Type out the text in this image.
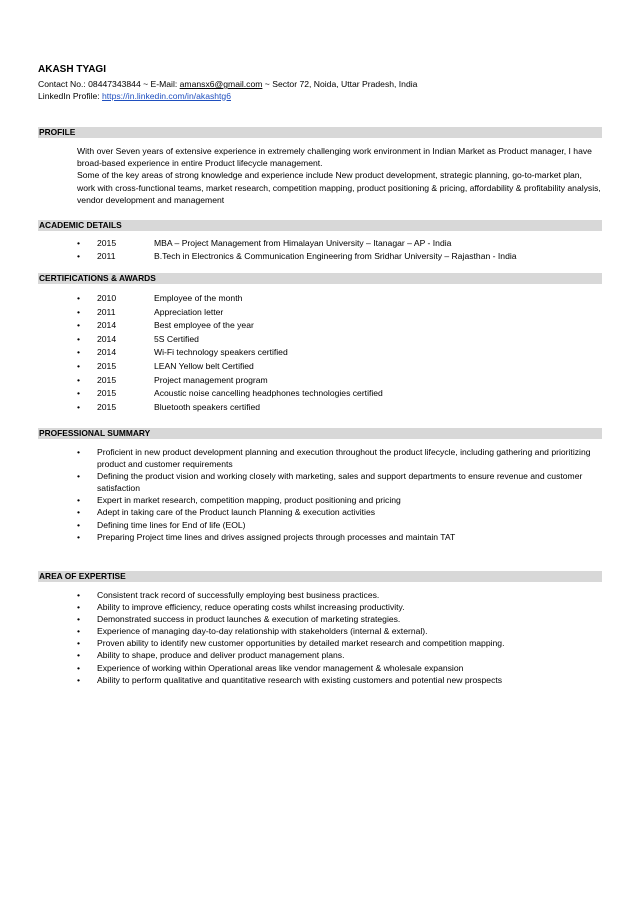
AKASH TYAGI
Contact No.: 08447343844 ~ E-Mail: amansx6@gmail.com ~ Sector 72, Noida, Uttar Pradesh, India
LinkedIn Profile: https://in.linkedin.com/in/akashtg6
PROFILE

With over Seven years of extensive experience in extremely challenging work environment in Indian Market as Product manager, I have broad-based experience in entire Product lifecycle management.

Some of the key areas of strong knowledge and experience include New product development, strategic planning, go-to-market plan, work with cross-functional teams, market research, competition mapping, product positioning & pricing, affordability & profitability analysis, vendor development and management

ACADEMIC DETAILS
•	2015	MBA – Project Management from Himalayan University – Itanagar – AP - India
•	2011	B.Tech in Electronics & Communication Engineering from Sridhar University – Rajasthan - India
CERTIFICATIONS & AWARDS
•	2010	Employee of the month
•	2011	Appreciation letter
•	2014	Best employee of the year
•	2014	5S Certified
•	2014	Wi-Fi technology speakers certified
•	2015	LEAN Yellow belt Certified
•	2015	Project management program
•	2015	Acoustic noise cancelling headphones technologies certified
•	2015	Bluetooth speakers certified
PROFESSIONAL SUMMARY
•	Proficient in new product development planning and execution throughout the product lifecycle, including gathering and prioritizing product and customer requirements
•	Defining the product vision and working closely with marketing, sales and support departments to ensure revenue and customer satisfaction
•	Expert in market research, competition mapping, product positioning and pricing
•	Adept in taking care of the Product launch Planning & execution activities
•	Defining time lines for End of life (EOL)
•	Preparing Project time lines and drives assigned projects through processes and maintain TAT
AREA OF EXPERTISE
•	Consistent track record of successfully employing best business practices.
•	Ability to improve efficiency, reduce operating costs whilst increasing productivity.
•	Demonstrated success in product launches & execution of marketing strategies.
•	Experience of managing day-to-day relationship with stakeholders (internal & external).
•	Proven ability to identify new customer opportunities by detailed market research and competition mapping.
•	Ability to shape, produce and deliver product management plans.
•	Experience of working within Operational areas like vendor management & wholesale expansion
•	Ability to perform qualitative and quantitative research with existing customers and potential new prospects
